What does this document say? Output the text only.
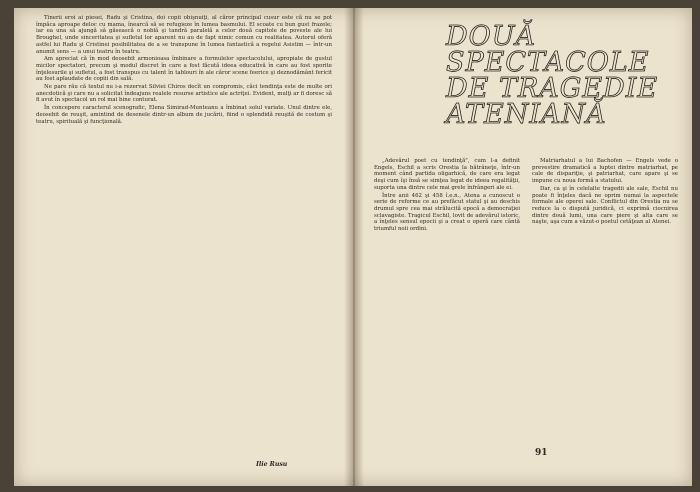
Tinerii eroi ai piesei, Radu şi Cristina, doi copii obişnuiţi, al căror principal cusur este că nu se pot împăca aproape deloc cu mama, înearcă să se refugieze în lumea basmului. El scoate cu bun gust frazele; iar ea una să ajungă să găsească o noblă şi tandră paralelă a celor două capitole de poveste ale lui Broughel, unde sinceritatea şi sufletul lor aparent nu au de fapt nimic comun cu realitatea. Autorul oferă astfel lui Radu şi Cristinei posibilitatea de a se transpune în lumea fantastică a regelui Asistim — într-un anumit sens — a unui teatru în teatru.

Am apreciat că în mod deosebit armonioasa îmbinare a formulelor spectacolului, apropiate de gustul micilor spectatori, precum şi modul discret în care a fost făcută ideea educativă în care au fost sporite înţelesurile şi sufletul, a fost transpus cu talent în tablouri în ale căror scene feerice şi deznodământ fericit au fost aplaudate de copiii din sală.

Ne pare rău că textul nu i-a rezervat Silviei Chiros decît un compromis, căci tendinţa este de multe ori anecdotică şi care nu a solicitat îndeajuns realele resurse artistice ale actriţei. Evident, mulţi ar fi doresc să fi avut în spectacol un rol mai bine conturat.

În concepere caracterul scenografic, Elena Simirad-Munteanu a îmbinat solul variate. Unul dintre ele, deosebit de reuşit, amintind de desenele dintr-un album de jucării, fiind o splendidă reuşită de costum şi teatru, spirituală şi funcţională.

Ilie Rusu
DOUĂ
SPECTACOLE
DE TRAGEDIE
ATENIANĂ

„Adevărul poet cu tendinţă", cum l-a definit Engels, Eschil a scris Orestia la bătrâneţe, într-un moment când partida oligarhică, de care era legat deşi cum îşi însă se simţea legat de ideea regalităţii, suporta una dintre cele mai grele înfrângeri ale ei.

Între anii 462 şi 458 î.e.n., Atena a cunoscut o serie de reforme ce au prefăcut statul şi au deschis drumul spre cea mai strălucită epocă a democraţiei sclavagiste. Tragicul Eschil, lovit de adevărul istoric, a înţeles sensul epocii şi a creat o operă care cântă triumful noii ordini.

Matriarhatul a lui Bachofen — Engels vede o prevestire dramatică a luptei dintre matriarhat, pe cale de dispariţie, şi patriarhat, care apare şi se impune cu noua formă a statului.

Dar, ca şi în celelalte tragedii ale sale, Eschil nu poate fi înţeles dacă ne oprim numai la aspectele formale ale operei sale. Conflictul din Orestia nu se reduce la o dispută juridică, ci exprimă ciocnirea dintre două lumi, una care piere şi alta care se naşte, aşa cum a văzut-o poetul cetăţean al Atenei.

91
